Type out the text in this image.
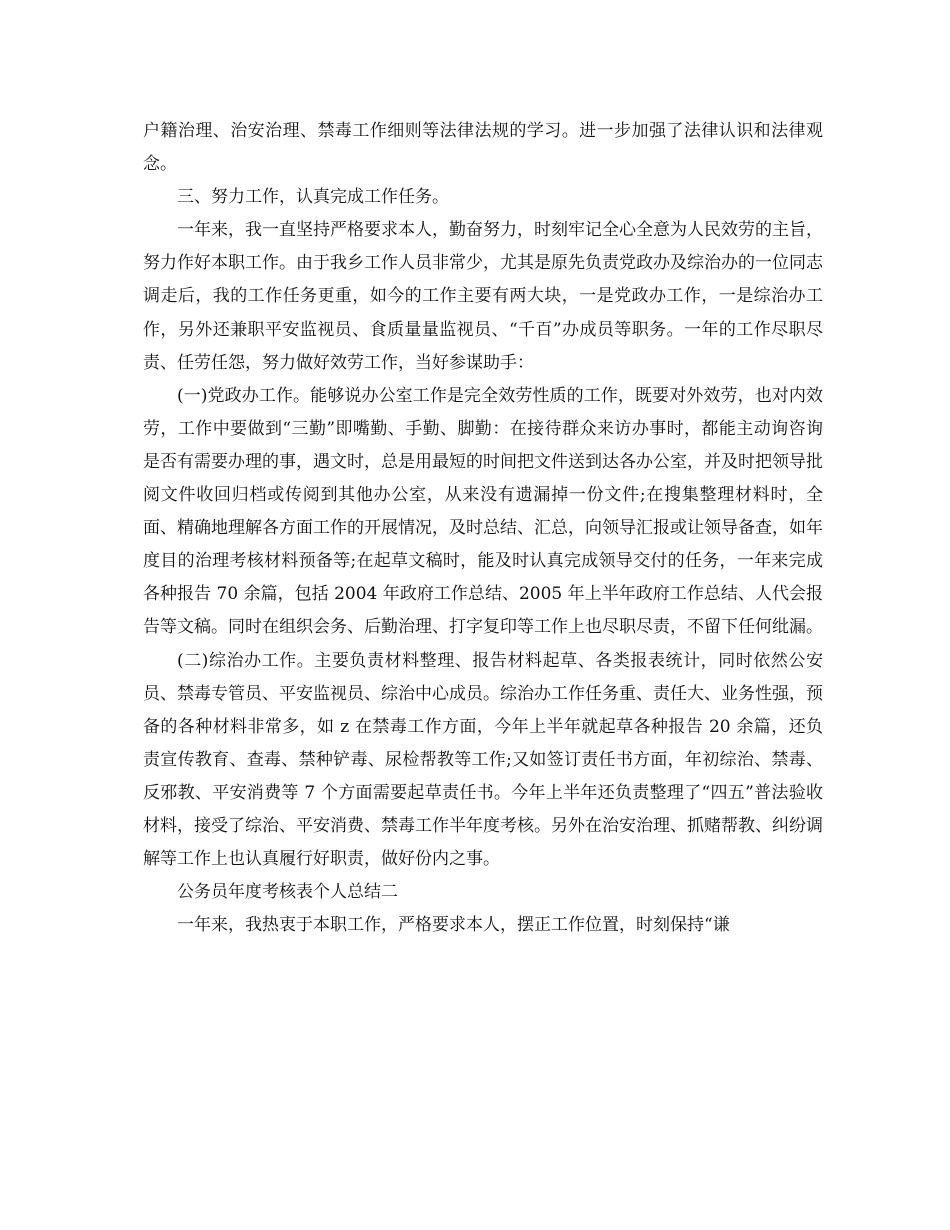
户籍治理、治安治理、禁毒工作细则等法律法规的学习。进一步加强了法律认识和法律观念。

三、努力工作，认真完成工作任务。

一年来，我一直坚持严格要求本人，勤奋努力，时刻牢记全心全意为人民效劳的主旨，努力作好本职工作。由于我乡工作人员非常少，尤其是原先负责党政办及综治办的一位同志调走后，我的工作任务更重，如今的工作主要有两大块，一是党政办工作，一是综治办工作，另外还兼职平安监视员、食质量量监视员、“千百”办成员等职务。一年的工作尽职尽责、任劳任怨，努力做好效劳工作，当好参谋助手：

(一)党政办工作。能够说办公室工作是完全效劳性质的工作，既要对外效劳，也对内效劳，工作中要做到“三勤”即嘴勤、手勤、脚勤：在接待群众来访办事时，都能主动询咨询是否有需要办理的事，遇文时，总是用最短的时间把文件送到达各办公室，并及时把领导批阅文件收回归档或传阅到其他办公室，从来没有遗漏掉一份文件;在搜集整理材料时，全面、精确地理解各方面工作的开展情况，及时总结、汇总，向领导汇报或让领导备查，如年度目的治理考核材料预备等;在起草文稿时，能及时认真完成领导交付的任务，一年来完成各种报告 70 余篇，包括 2004 年政府工作总结、2005 年上半年政府工作总结、人代会报告等文稿。同时在组织会务、后勤治理、打字复印等工作上也尽职尽责，不留下任何纰漏。

(二)综治办工作。主要负责材料整理、报告材料起草、各类报表统计，同时依然公安员、禁毒专管员、平安监视员、综治中心成员。综治办工作任务重、责任大、业务性强，预备的各种材料非常多，如 z 在禁毒工作方面，今年上半年就起草各种报告 20 余篇，还负责宣传教育、查毒、禁种铲毒、尿检帮教等工作;又如签订责任书方面，年初综治、禁毒、反邪教、平安消费等 7 个方面需要起草责任书。今年上半年还负责整理了“四五”普法验收材料，接受了综治、平安消费、禁毒工作半年度考核。另外在治安治理、抓赌帮教、纠纷调解等工作上也认真履行好职责，做好份内之事。

公务员年度考核表个人总结二

一年来，我热衷于本职工作，严格要求本人，摆正工作位置，时刻保持“谦
